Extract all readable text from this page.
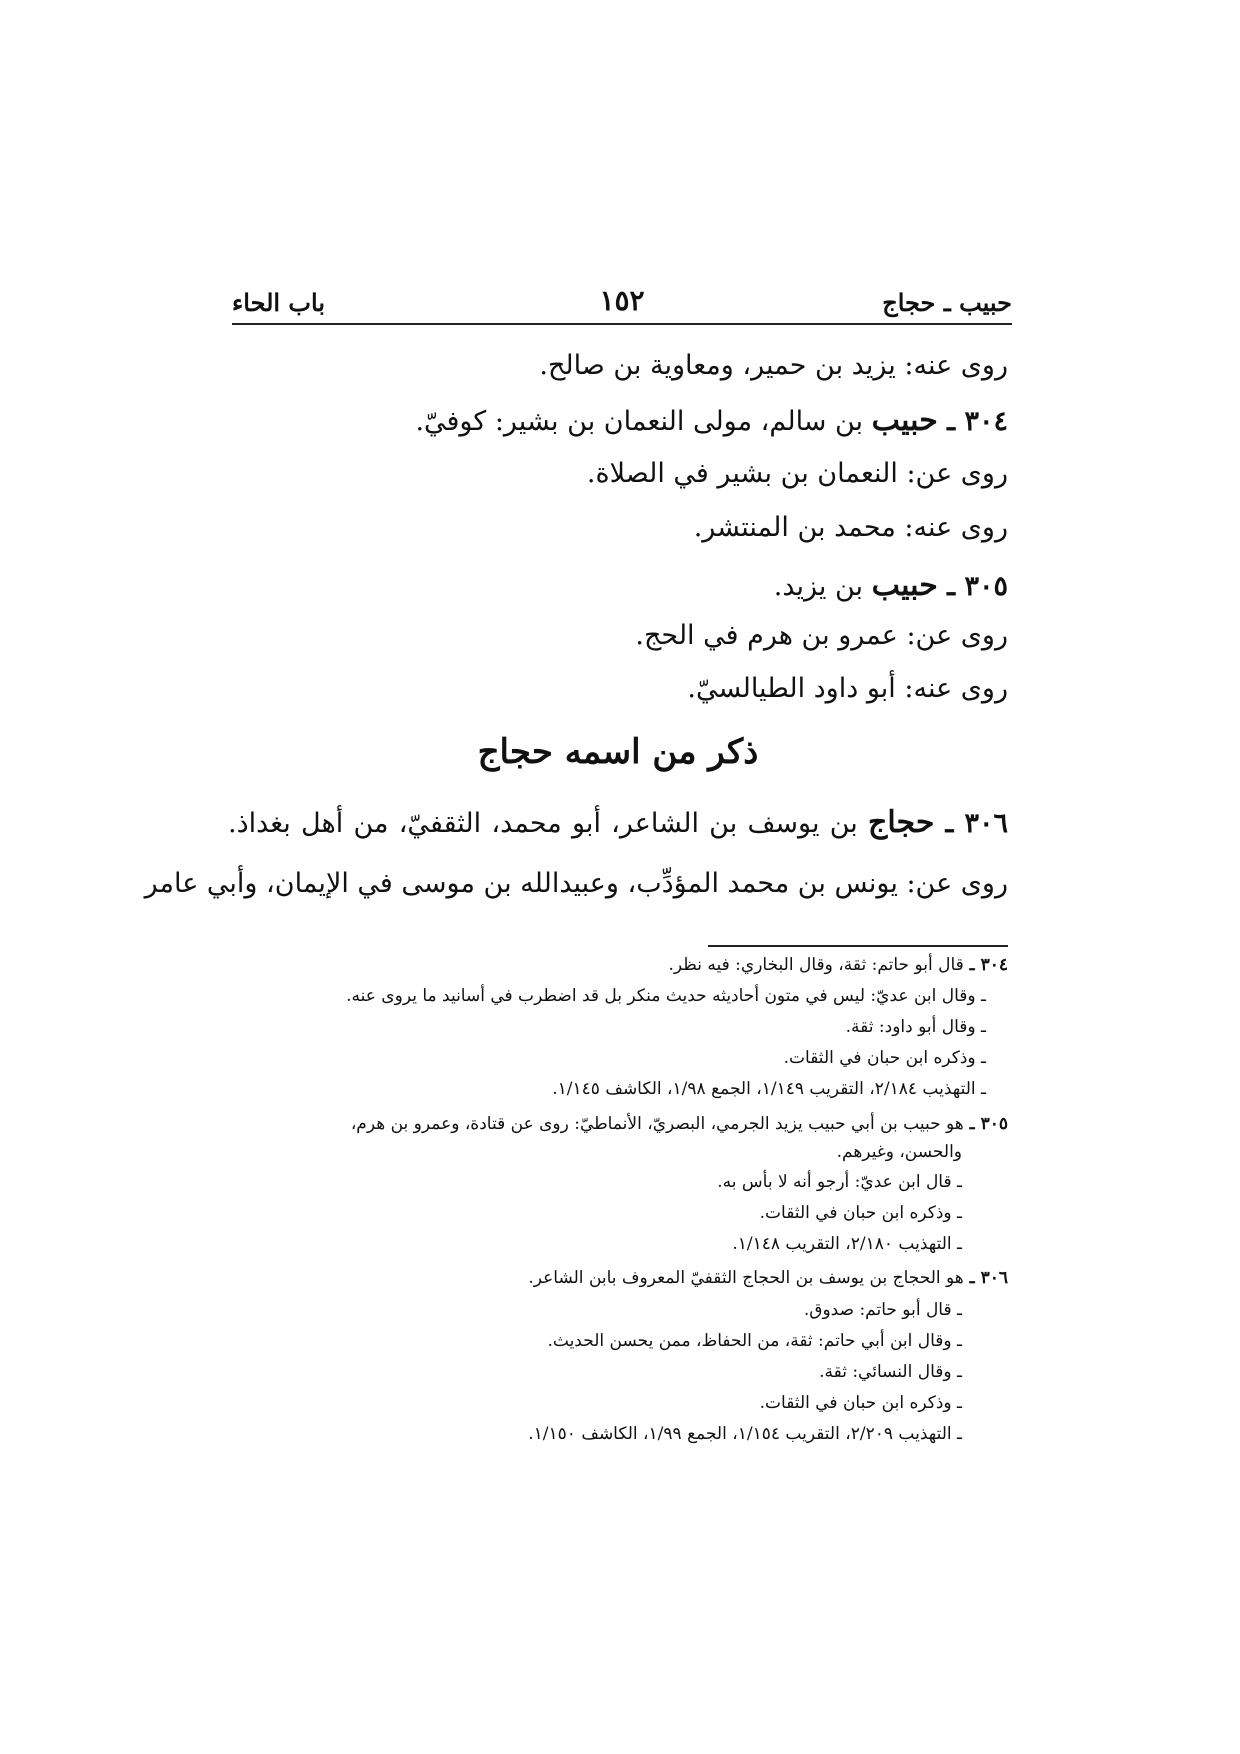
حبيب ـ حجاج
١٥٢
باب الحاء
روى عنه: يزيد بن حمير، ومعاوية بن صالح.
٣٠٤ ـ حبيب بن سالم، مولى النعمان بن بشير: كوفيّ.
روى عن: النعمان بن بشير في الصلاة.
روى عنه: محمد بن المنتشر.
٣٠٥ ـ حبيب بن يزيد.
روى عن: عمرو بن هرم في الحج.
روى عنه: أبو داود الطيالسيّ.
ذكر من اسمه حجاج
٣٠٦ ـ حجاج بن يوسف بن الشاعر، أبو محمد، الثقفيّ، من أهل بغداذ.
روى عن: يونس بن محمد المؤدِّب، وعبيدالله بن موسى في الإيمان، وأبي عامر
٣٠٤ ـ قال أبو حاتم: ثقة، وقال البخاري: فيه نظر.
ـ وقال ابن عديّ: ليس في متون أحاديثه حديث منكر بل قد اضطرب في أسانيد ما يروى عنه.
ـ وقال أبو داود: ثقة.
ـ وذكره ابن حبان في الثقات.
ـ التهذيب ٢/١٨٤، التقريب ١/١٤٩، الجمع ١/٩٨، الكاشف ١/١٤٥.
٣٠٥ ـ هو حبيب بن أبي حبيب يزيد الجرمي، البصريّ، الأنماطيّ: روى عن قتادة، وعمرو بن هرم،
والحسن، وغيرهم.
ـ قال ابن عديّ: أرجو أنه لا بأس به.
ـ وذكره ابن حبان في الثقات.
ـ التهذيب ٢/١٨٠، التقريب ١/١٤٨.
٣٠٦ ـ هو الحجاج بن يوسف بن الحجاج الثقفيّ المعروف بابن الشاعر.
ـ قال أبو حاتم: صدوق.
ـ وقال ابن أبي حاتم: ثقة، من الحفاظ، ممن يحسن الحديث.
ـ وقال النسائي: ثقة.
ـ وذكره ابن حبان في الثقات.
ـ التهذيب ٢/٢٠٩، التقريب ١/١٥٤، الجمع ١/٩٩، الكاشف ١/١٥٠.
